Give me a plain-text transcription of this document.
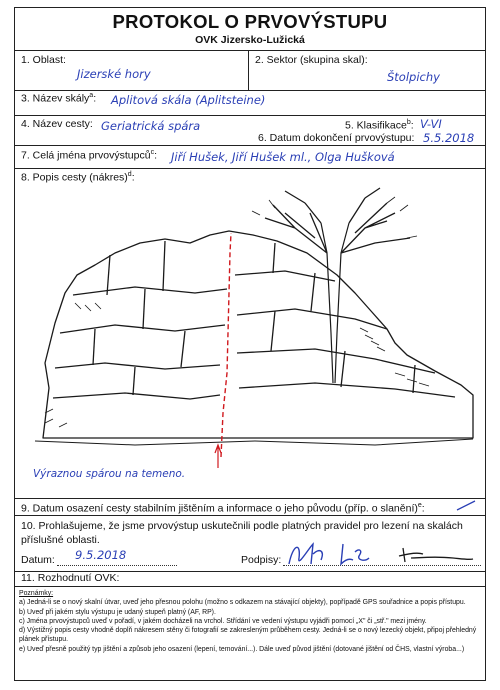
PROTOKOL O PRVOVÝSTUPU
OVK Jizersko-Lužická
1. Oblast:
Jizerské hory
2. Sektor (skupina skal):
Štolpichy
3. Název skály$^a$: Aplitová skála (Aplitsteine)
4. Název cesty: Geriatrická spára	5. Klasifikace$^b$: V-VI
6. Datum dokončení prvovýstupu: 5.5.2018
7. Celá jména prvovýstupců$^c$: Jiří Hušek, Jiří Hušek ml., Olga Hušková
8. Popis cesty (nákres)$^d$:
Výraznou spárou na temeno.
9. Datum osazení cesty stabilním jištěním a informace o jeho původu (příp. o slanění)$^e$:
10. Prohlašujeme, že jsme prvovýstup uskutečnili podle platných pravidel pro lezení na skalách příslušné oblasti.
Datum: 9.5.2018	Podpisy:
11. Rozhodnutí OVK:
Poznámky:
a) Jedná-li se o nový skalní útvar, uveď jeho přesnou polohu (možno s odkazem na stávající objekty), popřípadě GPS souřadnice a popis přístupu.
b) Uveď při jakém stylu výstupu je udaný stupeň platný (AF, RP).
c) Jména prvovýstupců uveď v pořadí, v jakém docházeli na vrchol. Střídání ve vedení výstupu vyjádři pomocí „X" či „stř." mezi jmény.
d) Výstižný popis cesty vhodně doplň nákresem stěny či fotografií se zakresleným průběhem cesty. Jedná-li se o nový lezecký objekt, připoj přehledný plánek přístupu.
e) Uveď přesně použitý typ jištění a způsob jeho osazení (lepení, temování...). Dále uveď původ jištění (dotované jištění od ČHS, vlastní výroba...)
